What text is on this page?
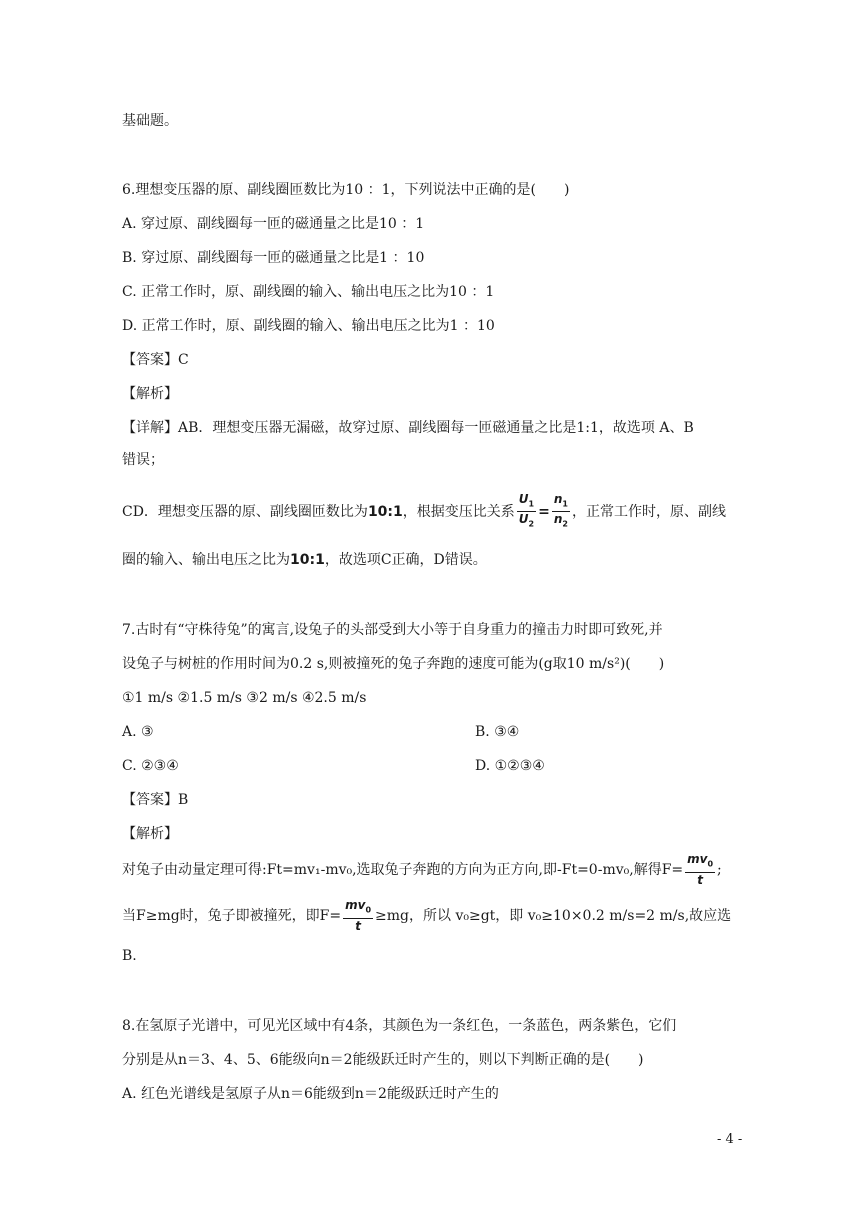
基础题。
6.理想变压器的原、副线圈匝数比为10 ：1，下列说法中正确的是(　　)
A. 穿过原、副线圈每一匝的磁通量之比是10 ：1
B. 穿过原、副线圈每一匝的磁通量之比是1 ：10
C. 正常工作时，原、副线圈的输入、输出电压之比为10 ：1
D. 正常工作时，原、副线圈的输入、输出电压之比为1 ：10
【答案】C
【解析】
【详解】AB．理想变压器无漏磁，故穿过原、副线圈每一匝磁通量之比是1:1，故选项 A、B
错误；
CD．理想变压器的原、副线圈匝数比为10:1，根据变压比关系 $\frac{U_1}{U_2} = \frac{n_1}{n_2}$ ，正常工作时，原、副线
圈的输入、输出电压之比为10:1，故选项C正确，D错误。
7.古时有“守株待兔”的寓言,设兔子的头部受到大小等于自身重力的撞击力时即可致死,并
设兔子与树桩的作用时间为0.2 s,则被撞死的兔子奔跑的速度可能为(g取10 m/s²)(　　)
①1 m/s ②1.5 m/s ③2 m/s ④2.5 m/s
A. ③	B. ③④
C. ②③④	D. ①②③④
【答案】B
【解析】
对兔子由动量定理可得:Ft=mv₁-mv₀,选取兔子奔跑的方向为正方向,即-Ft=0-mv₀,解得$F= \frac{mv_0}{t}$ ;
当F≥mg时，兔子即被撞死，即$F= \frac{mv_0}{t} \ge mg$，所以 v₀≥gt，即 v₀≥10×0.2 m/s=2 m/s,故应选
B.
8.在氢原子光谱中，可见光区域中有4条，其颜色为一条红色，一条蓝色，两条紫色，它们
分别是从n＝3、4、5、6能级向n＝2能级跃迁时产生的，则以下判断正确的是(　　)
A. 红色光谱线是氢原子从n＝6能级到n＝2能级跃迁时产生的
- 4 -
